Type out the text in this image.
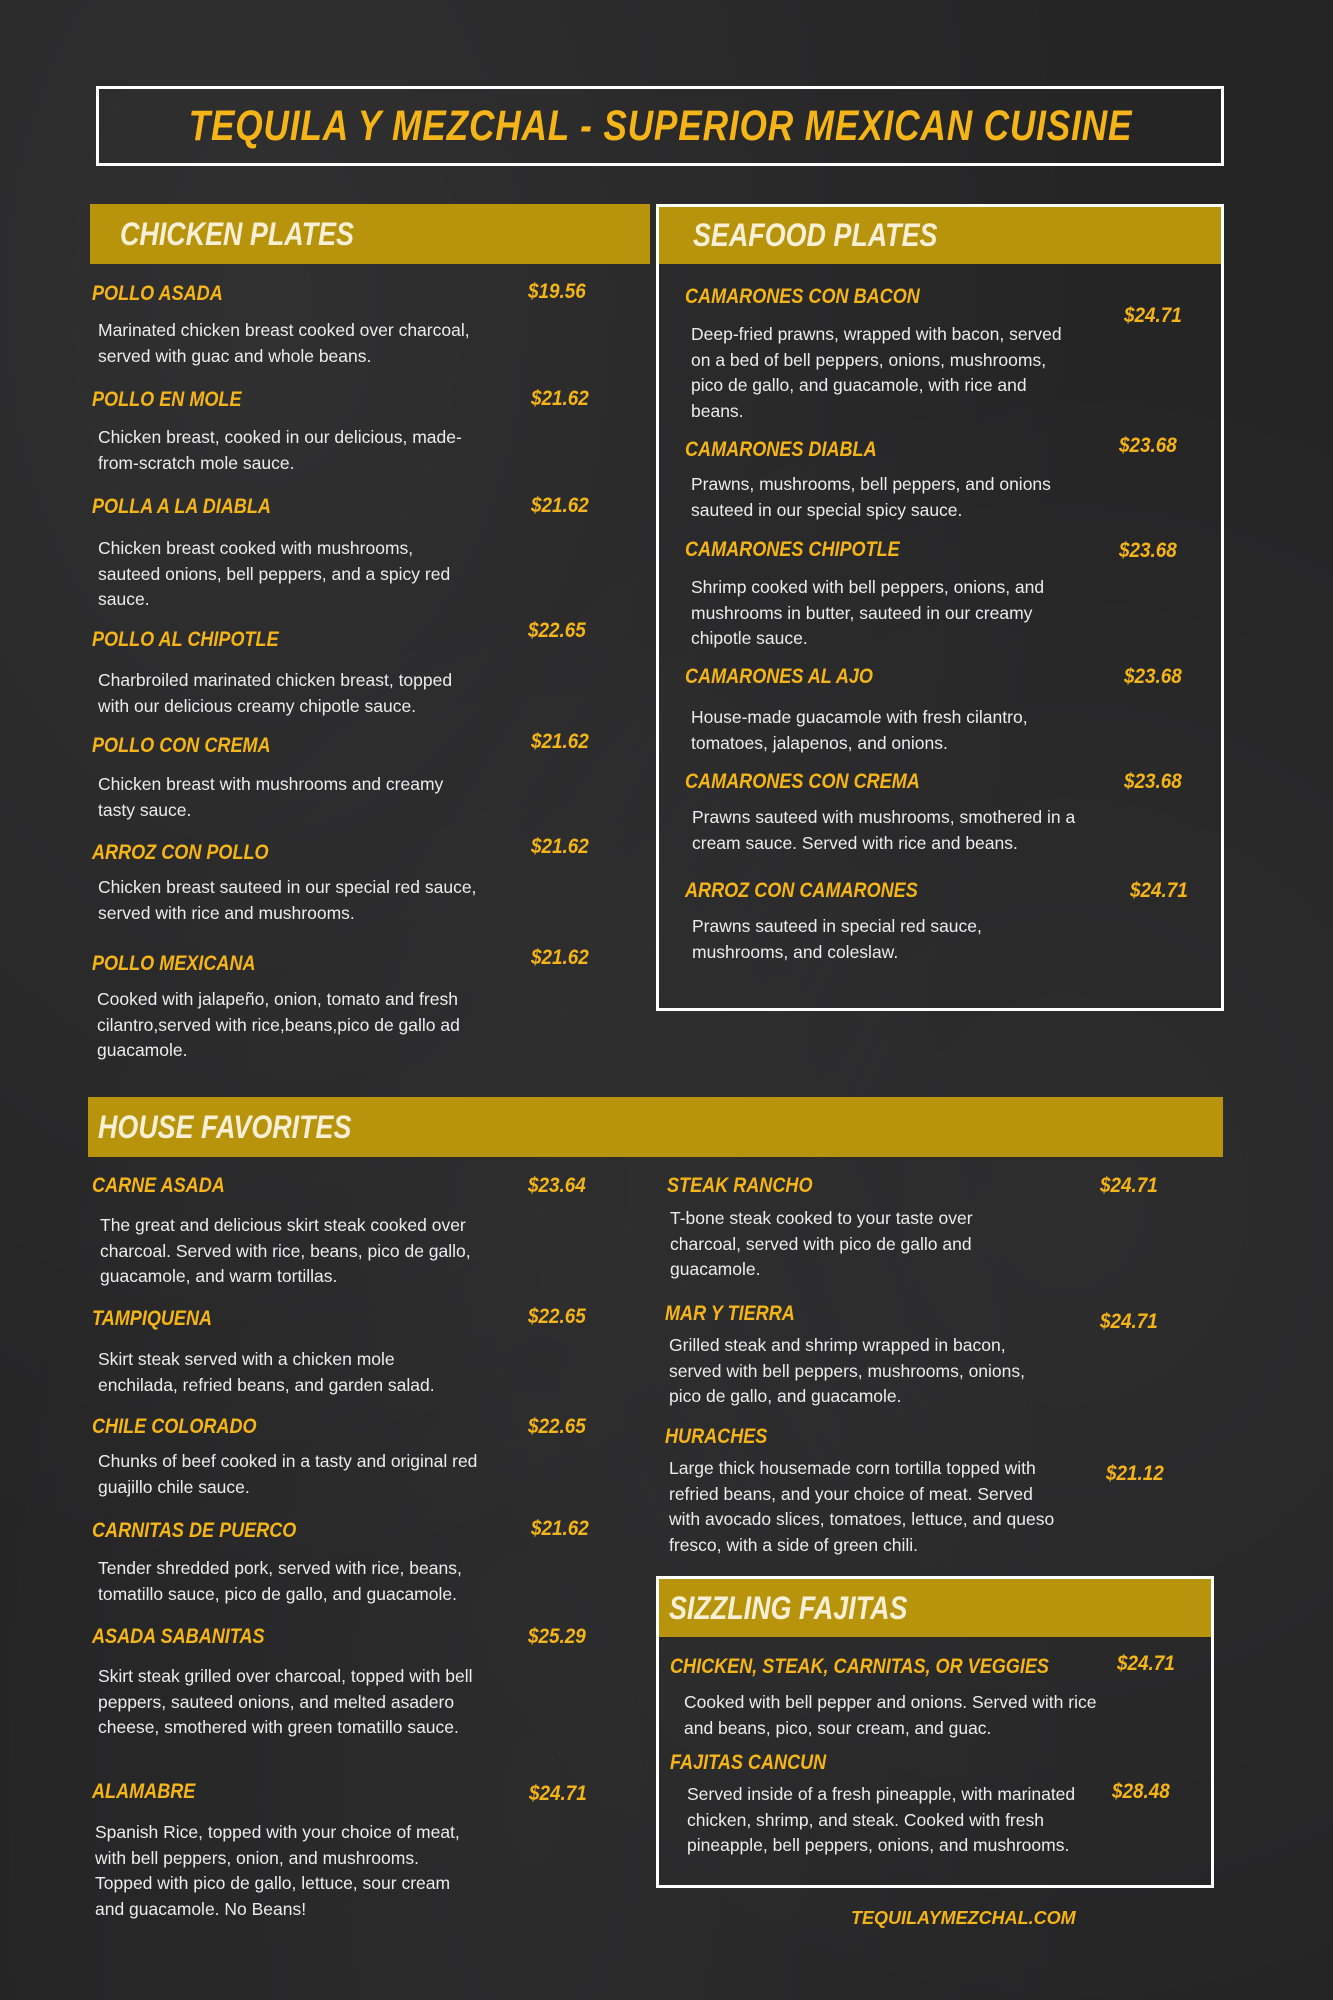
TEQUILA Y MEZCHAL - SUPERIOR MEXICAN CUISINE
CHICKEN PLATES
POLLO ASADA	$19.56
Marinated chicken breast cooked over charcoal, served with guac and whole beans.
POLLO EN MOLE	$21.62
Chicken breast, cooked in our delicious, made-from-scratch mole sauce.
POLLA A LA DIABLA	$21.62
Chicken breast cooked with mushrooms, sauteed onions, bell peppers, and a spicy red sauce.
POLLO AL CHIPOTLE	$22.65
Charbroiled marinated chicken breast, topped with our delicious creamy chipotle sauce.
POLLO CON CREMA	$21.62
Chicken breast with mushrooms and creamy tasty sauce.
ARROZ CON POLLO	$21.62
Chicken breast sauteed in our special red sauce, served with rice and mushrooms.
POLLO MEXICANA	$21.62
Cooked with jalapeño, onion, tomato and fresh cilantro,served with rice,beans,pico de gallo ad guacamole.
SEAFOOD PLATES
CAMARONES CON BACON
$24.71
Deep-fried prawns, wrapped with bacon, served on a bed of bell peppers, onions, mushrooms, pico de gallo, and guacamole, with rice and beans.
CAMARONES DIABLA	$23.68
Prawns, mushrooms, bell peppers, and onions sauteed in our special spicy sauce.
CAMARONES CHIPOTLE	$23.68
Shrimp cooked with bell peppers, onions, and mushrooms in butter, sauteed in our creamy chipotle sauce.
CAMARONES AL AJO	$23.68
House-made guacamole with fresh cilantro, tomatoes, jalapenos, and onions.
CAMARONES CON CREMA	$23.68
Prawns sauteed with mushrooms, smothered in a cream sauce. Served with rice and beans.
ARROZ CON CAMARONES	$24.71
Prawns sauteed in special red sauce, mushrooms, and coleslaw.
HOUSE FAVORITES
CARNE ASADA	$23.64
The great and delicious skirt steak cooked over charcoal. Served with rice, beans, pico de gallo, guacamole, and warm tortillas.
TAMPIQUENA	$22.65
Skirt steak served with a chicken mole enchilada, refried beans, and garden salad.
CHILE COLORADO	$22.65
Chunks of beef cooked in a tasty and original red guajillo chile sauce.
CARNITAS DE PUERCO	$21.62
Tender shredded pork, served with rice, beans, tomatillo sauce, pico de gallo, and guacamole.
ASADA SABANITAS	$25.29
Skirt steak grilled over charcoal, topped with bell peppers, sauteed onions, and melted asadero cheese, smothered with green tomatillo sauce.
ALAMABRE	$24.71
Spanish Rice, topped with your choice of meat, with bell peppers, onion, and mushrooms. Topped with pico de gallo, lettuce, sour cream and guacamole. No Beans!
STEAK RANCHO	$24.71
T-bone steak cooked to your taste over charcoal, served with pico de gallo and guacamole.
MAR Y TIERRA	$24.71
Grilled steak and shrimp wrapped in bacon, served with bell peppers, mushrooms, onions, pico de gallo, and guacamole.
HURACHES
$21.12
Large thick housemade corn tortilla topped with refried beans, and your choice of meat. Served with avocado slices, tomatoes, lettuce, and queso fresco, with a side of green chili.
SIZZLING FAJITAS
CHICKEN, STEAK, CARNITAS, OR VEGGIES	$24.71
Cooked with bell pepper and onions. Served with rice and beans, pico, sour cream, and guac.
FAJITAS CANCUN
$28.48
Served inside of a fresh pineapple, with marinated chicken, shrimp, and steak. Cooked with fresh pineapple, bell peppers, onions, and mushrooms.
TEQUILAYMEZCHAL.COM
